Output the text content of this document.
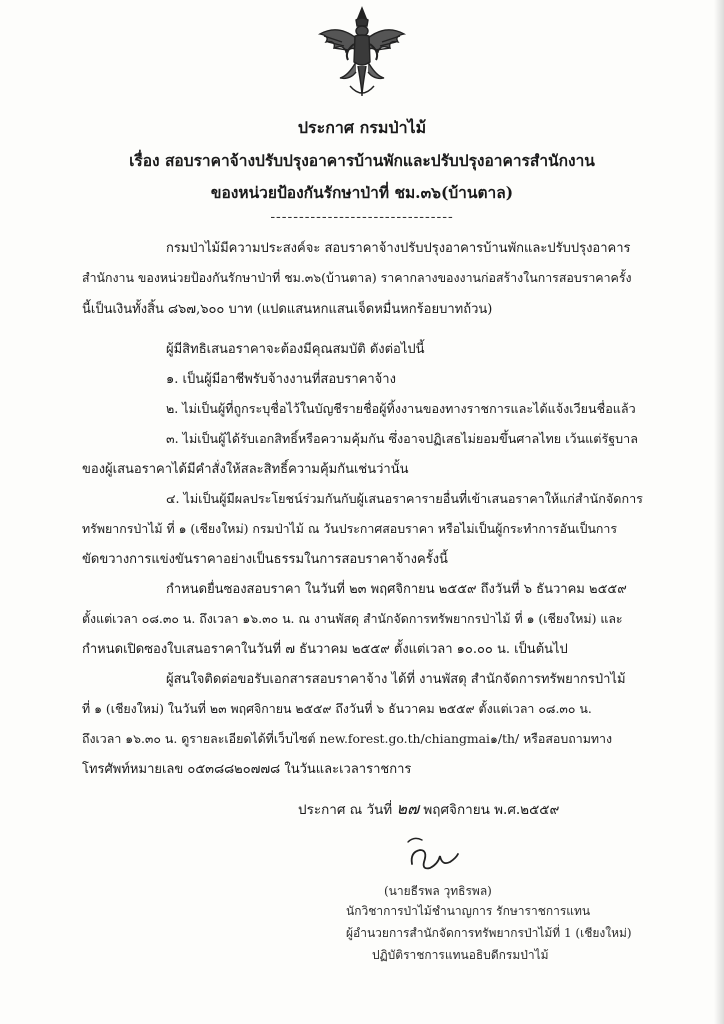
ประกาศ กรมป่าไม้
เรื่อง สอบราคาจ้างปรับปรุงอาคารบ้านพักและปรับปรุงอาคารสำนักงาน
ของหน่วยป้องกันรักษาป่าที่ ชม.๓๖(บ้านตาล)
--------------------------------
กรมป่าไม้มีความประสงค์จะ สอบราคาจ้างปรับปรุงอาคารบ้านพักและปรับปรุงอาคาร
สำนักงาน ของหน่วยป้องกันรักษาป่าที่ ชม.๓๖(บ้านตาล) ราคากลางของงานก่อสร้างในการสอบราคาครั้ง
นี้เป็นเงินทั้งสิ้น ๘๖๗,๖๐๐ บาท (แปดแสนหกแสนเจ็ดหมื่นหกร้อยบาทถ้วน)
ผู้มีสิทธิเสนอราคาจะต้องมีคุณสมบัติ ดังต่อไปนี้
๑. เป็นผู้มีอาชีพรับจ้างงานที่สอบราคาจ้าง
๒. ไม่เป็นผู้ที่ถูกระบุชื่อไว้ในบัญชีรายชื่อผู้ทิ้งงานของทางราชการและได้แจ้งเวียนชื่อแล้ว
๓. ไม่เป็นผู้ได้รับเอกสิทธิ์หรือความคุ้มกัน ซึ่งอาจปฏิเสธไม่ยอมขึ้นศาลไทย เว้นแต่รัฐบาล
ของผู้เสนอราคาได้มีคำสั่งให้สละสิทธิ์ความคุ้มกันเช่นว่านั้น
๔. ไม่เป็นผู้มีผลประโยชน์ร่วมกันกับผู้เสนอราคารายอื่นที่เข้าเสนอราคาให้แก่สำนักจัดการ
ทรัพยากรป่าไม้ ที่ ๑ (เชียงใหม่) กรมป่าไม้ ณ วันประกาศสอบราคา หรือไม่เป็นผู้กระทำการอันเป็นการ
ขัดขวางการแข่งขันราคาอย่างเป็นธรรมในการสอบราคาจ้างครั้งนี้
กำหนดยื่นซองสอบราคา ในวันที่ ๒๓ พฤศจิกายน ๒๕๕๙ ถึงวันที่ ๖ ธันวาคม ๒๕๕๙
ตั้งแต่เวลา ๐๘.๓๐ น. ถึงเวลา ๑๖.๓๐ น. ณ งานพัสดุ สำนักจัดการทรัพยากรป่าไม้ ที่ ๑ (เชียงใหม่) และ
กำหนดเปิดซองใบเสนอราคาในวันที่ ๗ ธันวาคม ๒๕๕๙ ตั้งแต่เวลา ๑๐.๐๐ น. เป็นต้นไป
ผู้สนใจติดต่อขอรับเอกสารสอบราคาจ้าง ได้ที่ งานพัสดุ สำนักจัดการทรัพยากรป่าไม้
ที่ ๑ (เชียงใหม่) ในวันที่ ๒๓ พฤศจิกายน ๒๕๕๙ ถึงวันที่ ๖ ธันวาคม ๒๕๕๙ ตั้งแต่เวลา ๐๘.๓๐ น.
ถึงเวลา ๑๖.๓๐ น. ดูรายละเอียดได้ที่เว็บไซต์ new.forest.go.th/chiangmai๑/th/ หรือสอบถามทาง
โทรศัพท์หมายเลข ๐๕๓๘๘๒๐๗๗๘ ในวันและเวลาราชการ
ประกาศ ณ วันที่ ๒๗ พฤศจิกายน พ.ศ.๒๕๕๙
(นายธีรพล วุทธิรพล)
นักวิชาการป่าไม้ชำนาญการ รักษาราชการแทน
ผู้อำนวยการสำนักจัดการทรัพยากรป่าไม้ที่ 1 (เชียงใหม่)
ปฏิบัติราชการแทนอธิบดีกรมป่าไม้
